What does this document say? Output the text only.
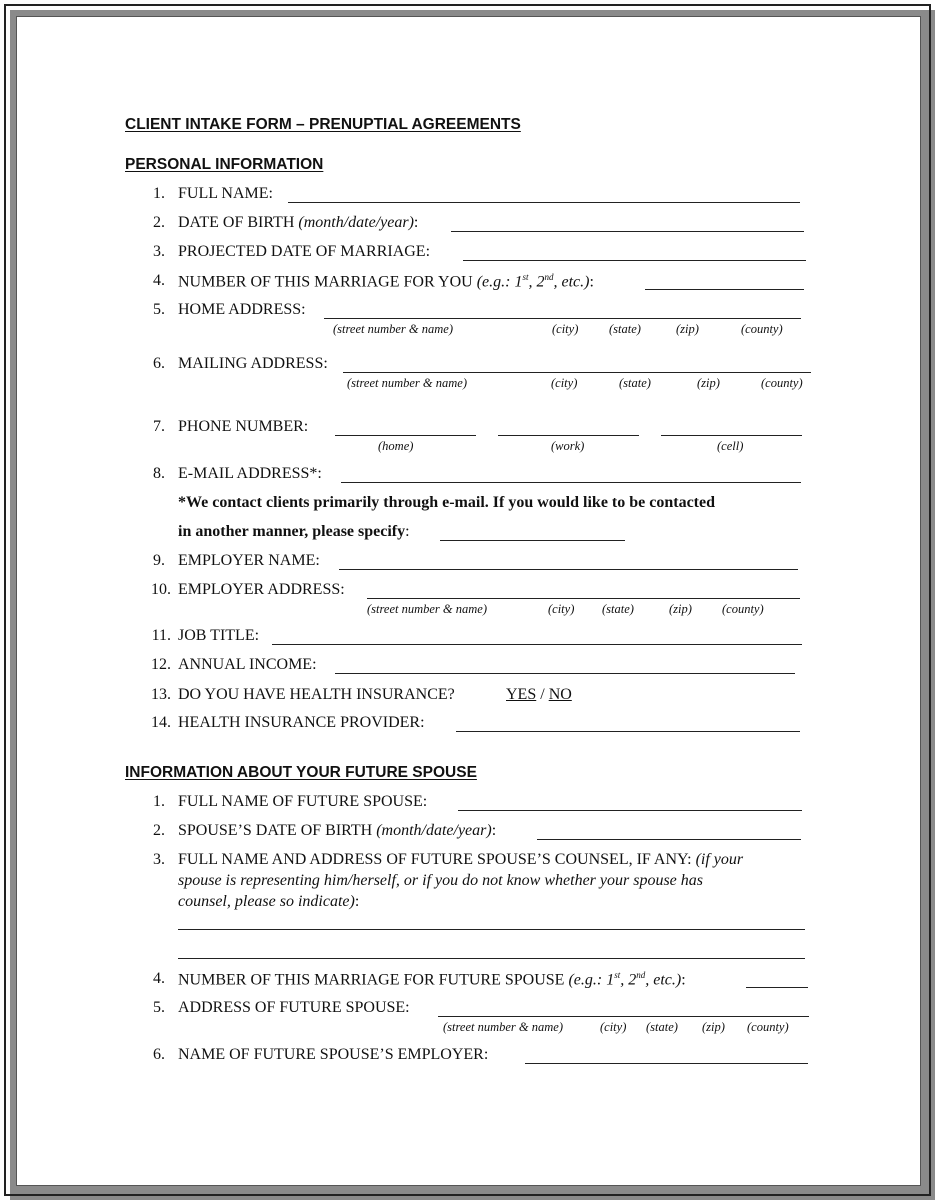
CLIENT INTAKE FORM – PRENUPTIAL AGREEMENTS
PERSONAL INFORMATION
1. FULL NAME:
2. DATE OF BIRTH (month/date/year):
3. PROJECTED DATE OF MARRIAGE:
4. NUMBER OF THIS MARRIAGE FOR YOU (e.g.: 1st, 2nd, etc.):
5. HOME ADDRESS:
(street number & name)	(city) (state)	(zip)	(county)
6. MAILING ADDRESS:
(street number & name)	(city)	(state)	(zip)	(county)
7. PHONE NUMBER:
(home)	(work)	(cell)
8. E-MAIL ADDRESS*:
*We contact clients primarily through e-mail. If you would like to be contacted
in another manner, please specify:
9. EMPLOYER NAME:
10. EMPLOYER ADDRESS:
(street number & name)	(city) (state)	(zip) (county)
11. JOB TITLE:
12. ANNUAL INCOME:
13. DO YOU HAVE HEALTH INSURANCE?	YES / NO
14. HEALTH INSURANCE PROVIDER:
INFORMATION ABOUT YOUR FUTURE SPOUSE
1. FULL NAME OF FUTURE SPOUSE:
2. SPOUSE’S DATE OF BIRTH (month/date/year):
3. FULL NAME AND ADDRESS OF FUTURE SPOUSE’S COUNSEL, IF ANY: (if your
spouse is representing him/herself, or if you do not know whether your spouse has
counsel, please so indicate):
4. NUMBER OF THIS MARRIAGE FOR FUTURE SPOUSE (e.g.: 1st, 2nd, etc.):
5. ADDRESS OF FUTURE SPOUSE:
(street number & name)	(city) (state) (zip) (county)
6. NAME OF FUTURE SPOUSE’S EMPLOYER:
